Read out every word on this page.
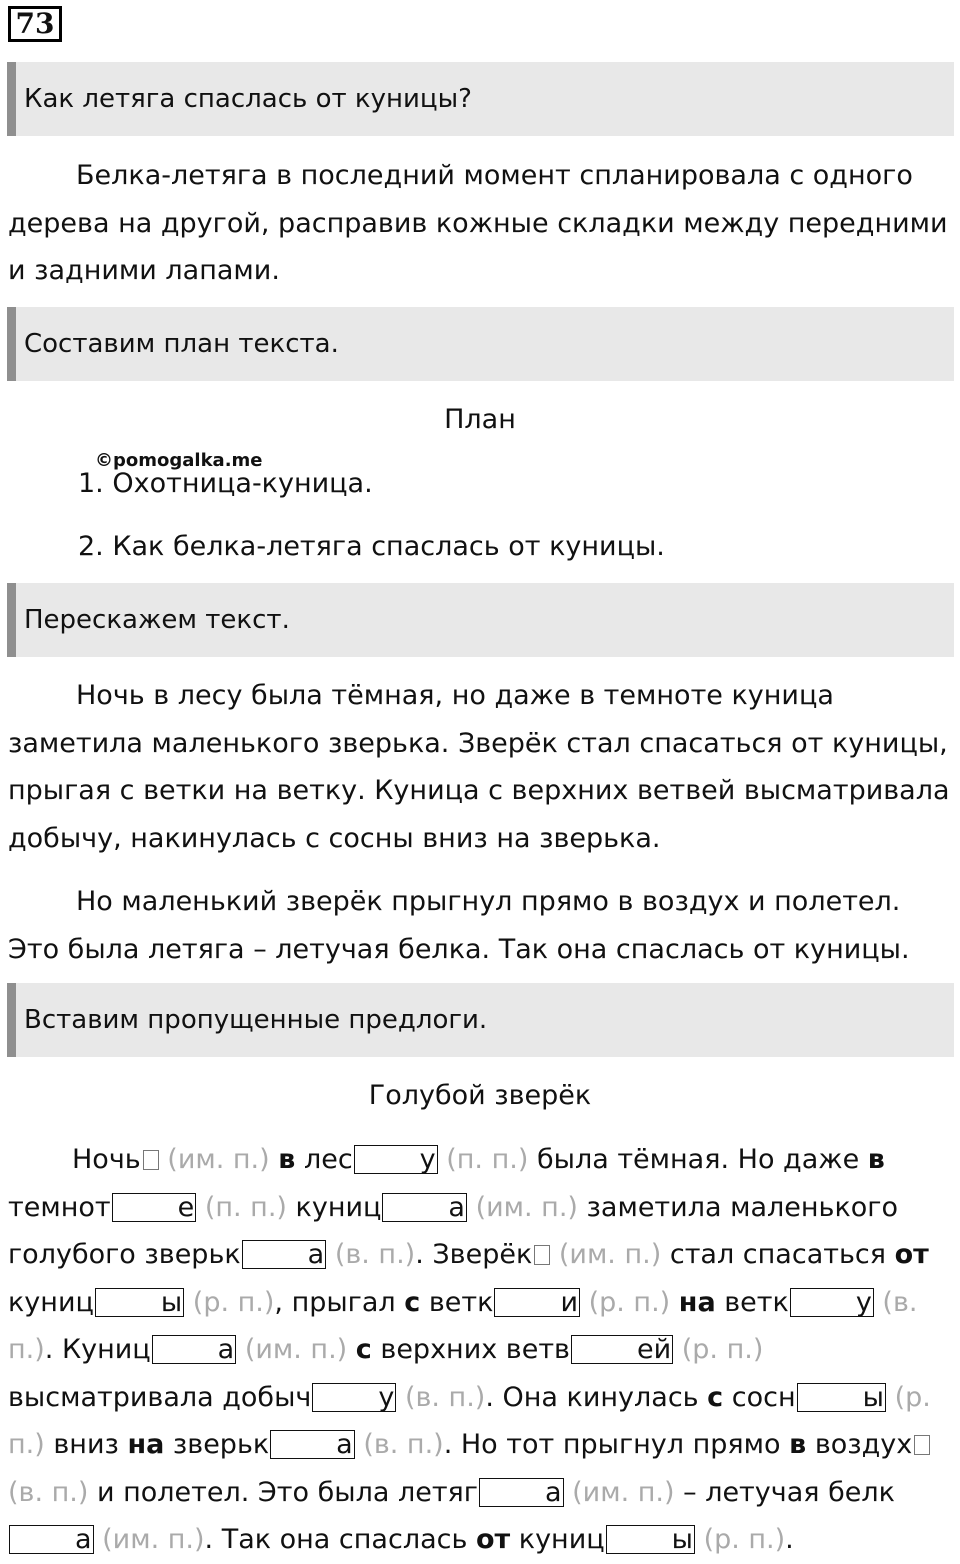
73
Как летяга спаслась от куницы?

Белка-летяга в последний момент спланировала с одного дерева на другой, расправив кожные складки между передними и задними лапами.

Составим план текста.
План
©pomogalka.me
1. Охотница-куница.
2. Как белка-летяга спаслась от куницы.
Перескажем текст.

Ночь в лесу была тёмная, но даже в темноте куница заметила маленького зверька. Зверёк стал спасаться от куницы, прыгая с ветки на ветку. Куница с верхних ветвей высматривала добычу, накинулась с сосны вниз на зверька.

Но маленький зверёк прыгнул прямо в воздух и полетел. Это была летяга – летучая белка. Так она спаслась от куницы.

Вставим пропущенные предлоги.
Голубой зверёк

Ночь (им. п.) в лес у (п. п.) была тёмная. Но даже в темнот е (п. п.) куниц а (им. п.) заметила маленького голубого зверьк а (в. п.). Зверёк (им. п.) стал спасаться от куниц ы (р. п.), прыгал с ветк и (р. п.) на ветк у (в. п.). Куниц а (им. п.) с верхних ветв ей (р. п.) высматривала добыч у (в. п.). Она кинулась с сосн ы (р. п.) вниз на зверьк а (в. п.). Но тот прыгнул прямо в воздух (в. п.) и полетел. Это была летяг а (им. п.) – летучая белка (им. п.). Так она спаслась от куниц ы (р. п.).
